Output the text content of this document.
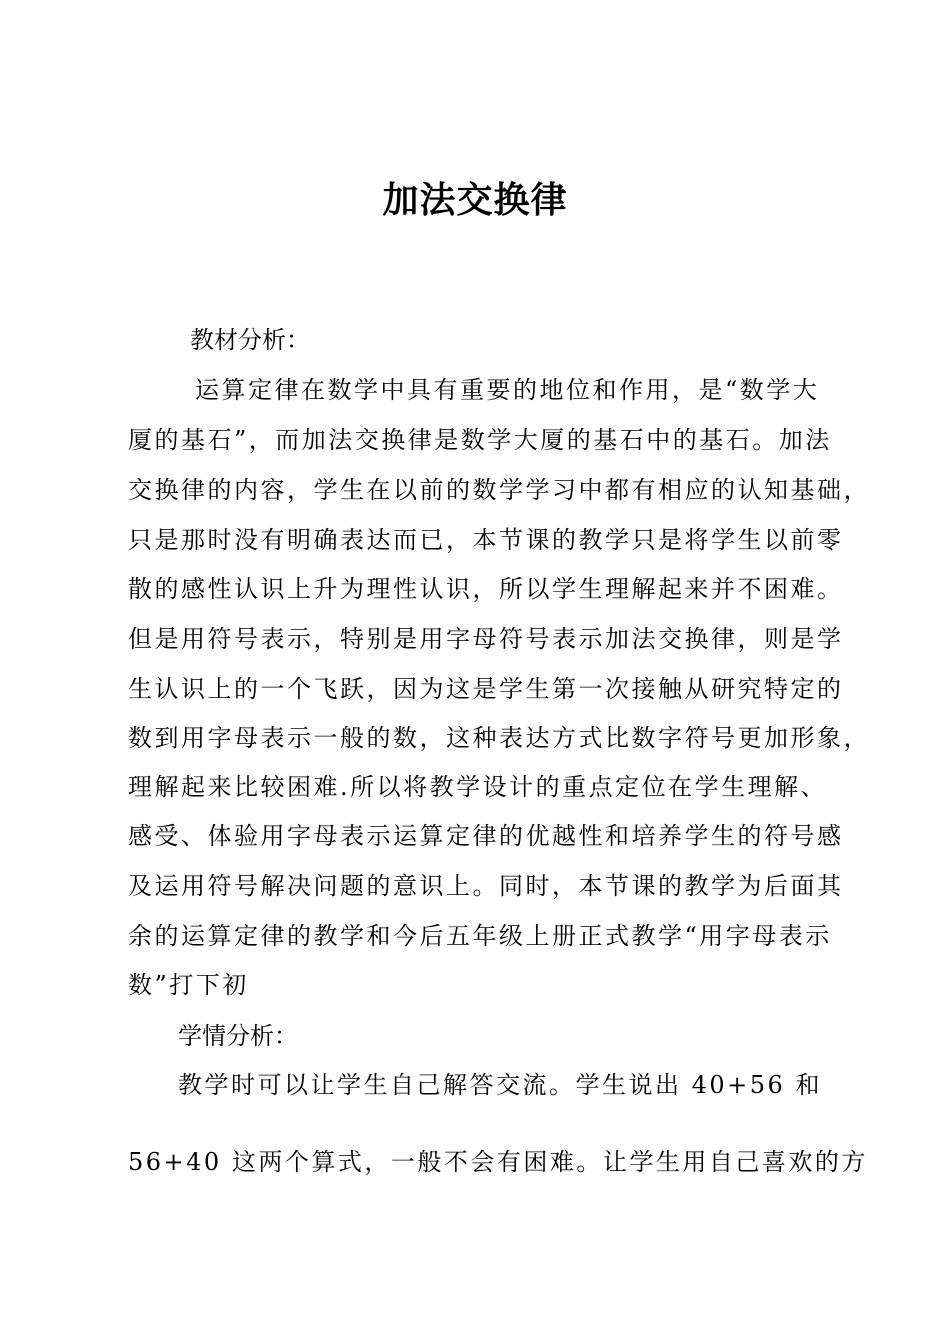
加法交换律
教材分析：
运算定律在数学中具有重要的地位和作用，是“数学大
厦的基石”，而加法交换律是数学大厦的基石中的基石。加法
交换律的内容，学生在以前的数学学习中都有相应的认知基础，
只是那时没有明确表达而已，本节课的教学只是将学生以前零
散的感性认识上升为理性认识，所以学生理解起来并不困难。
但是用符号表示，特别是用字母符号表示加法交换律，则是学
生认识上的一个飞跃，因为这是学生第一次接触从研究特定的
数到用字母表示一般的数，这种表达方式比数字符号更加形象，
理解起来比较困难.所以将教学设计的重点定位在学生理解、
感受、体验用字母表示运算定律的优越性和培养学生的符号感
及运用符号解决问题的意识上。同时，本节课的教学为后面其
余的运算定律的教学和今后五年级上册正式教学“用字母表示
数”打下初
学情分析：
教学时可以让学生自己解答交流。学生说出 40+56 和
56+40 这两个算式，一般不会有困难。让学生用自己喜欢的方
